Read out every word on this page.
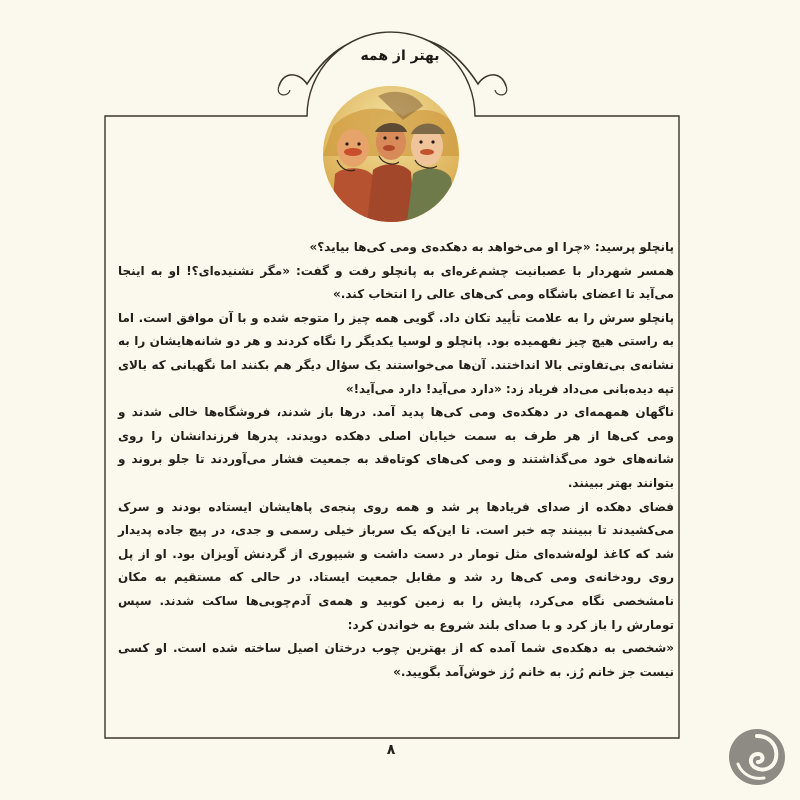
بهتر از همه

پانچلو پرسید: «چرا او می‌خواهد به دهکده‌ی ومی کی‌ها بیاید؟»

همسر شهردار با عصبانیت چشم‌غره‌ای به پانچلو رفت و گفت: «مگر نشنیده‌ای؟! او به اینجا می‌آید تا اعضای باشگاه ومی کی‌های عالی را انتخاب کند.»

پانچلو سرش را به علامت تأیید تکان داد. گویی همه چیز را متوجه شده و با آن موافق است. اما به راستی هیچ چیز نفهمیده بود. پانچلو و لوسیا یکدیگر را نگاه کردند و هر دو شانه‌هایشان را به نشانه‌ی بی‌تفاوتی بالا انداختند. آن‌ها می‌خواستند یک سؤال دیگر هم بکنند اما نگهبانی که بالای تپه دیده‌بانی می‌داد فریاد زد: «دارد می‌آید! دارد می‌آید!»

ناگهان همهمه‌ای در دهکده‌ی ومی کی‌ها پدید آمد. درها باز شدند، فروشگاه‌ها خالی شدند و ومی کی‌ها از هر طرف به سمت خیابان اصلی دهکده دویدند. پدرها فرزندانشان را روی شانه‌های خود می‌گذاشتند و ومی کی‌های کوتاه‌قد به جمعیت فشار می‌آوردند تا جلو بروند و بتوانند بهتر ببینند.

فضای دهکده از صدای فریادها پر شد و همه روی پنجه‌ی پاهایشان ایستاده بودند و سرک می‌کشیدند تا ببینند چه خبر است. تا این‌که یک سرباز خیلی رسمی و جدی، در پیچ جاده پدیدار شد که کاغذ لوله‌شده‌ای مثل تومار در دست داشت و شیپوری از گردنش آویزان بود. او از پل روی رودخانه‌ی ومی کی‌ها رد شد و مقابل جمعیت ایستاد. در حالی که مستقیم به مکان نامشخصی نگاه می‌کرد، پایش را به زمین کوبید و همه‌ی آدم‌چوبی‌ها ساکت شدند. سپس تومارش را باز کرد و با صدای بلند شروع به خواندن کرد:

«شخصی به دهکده‌ی شما آمده که از بهترین چوب درختان اصیل ساخته شده است. او کسی نیست جز خانم رُز. به خانم رُز خوش‌آمد بگویید.»

۸
